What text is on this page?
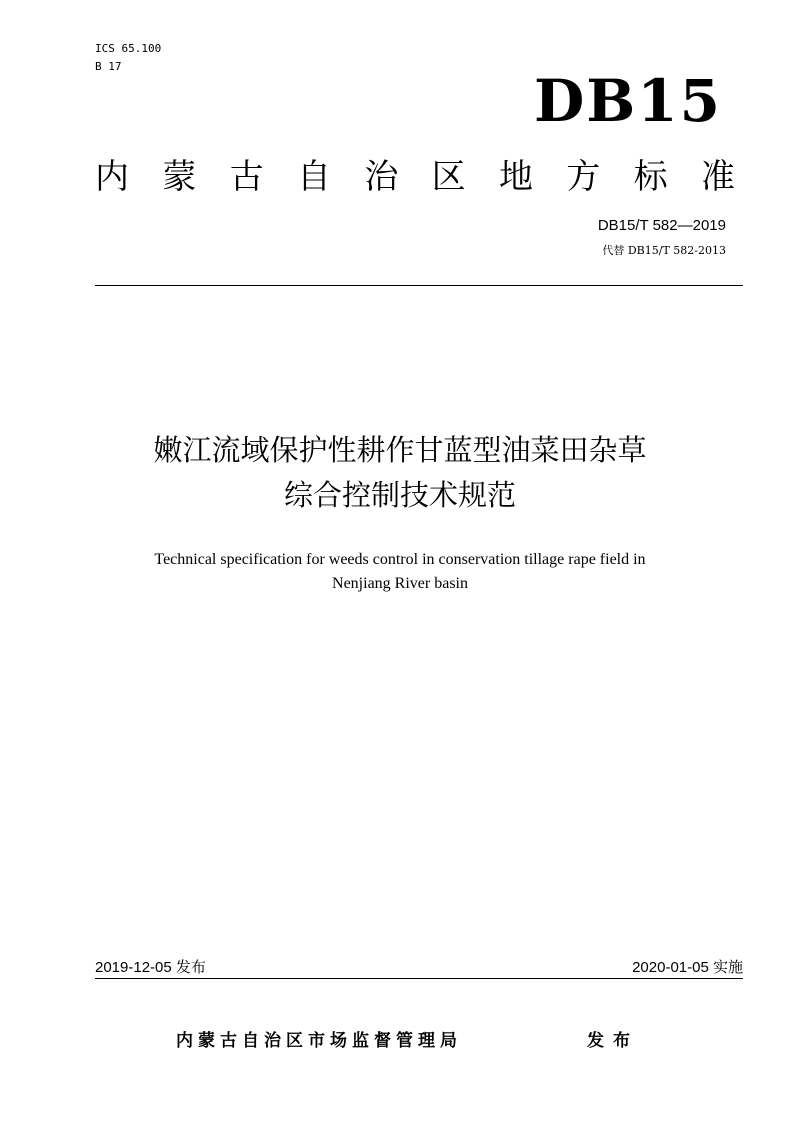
ICS 65.100
B 17
DB15
内 蒙 古 自 治 区 地 方 标 准
DB15/T 582—2019
代替 DB15/T 582-2013
嫩江流域保护性耕作甘蓝型油菜田杂草
综合控制技术规范
Technical specification for weeds control in conservation tillage rape field in
Nenjiang River basin
2019-12-05 发布	2020-01-05 实施
内蒙古自治区市场监督管理局	发布
